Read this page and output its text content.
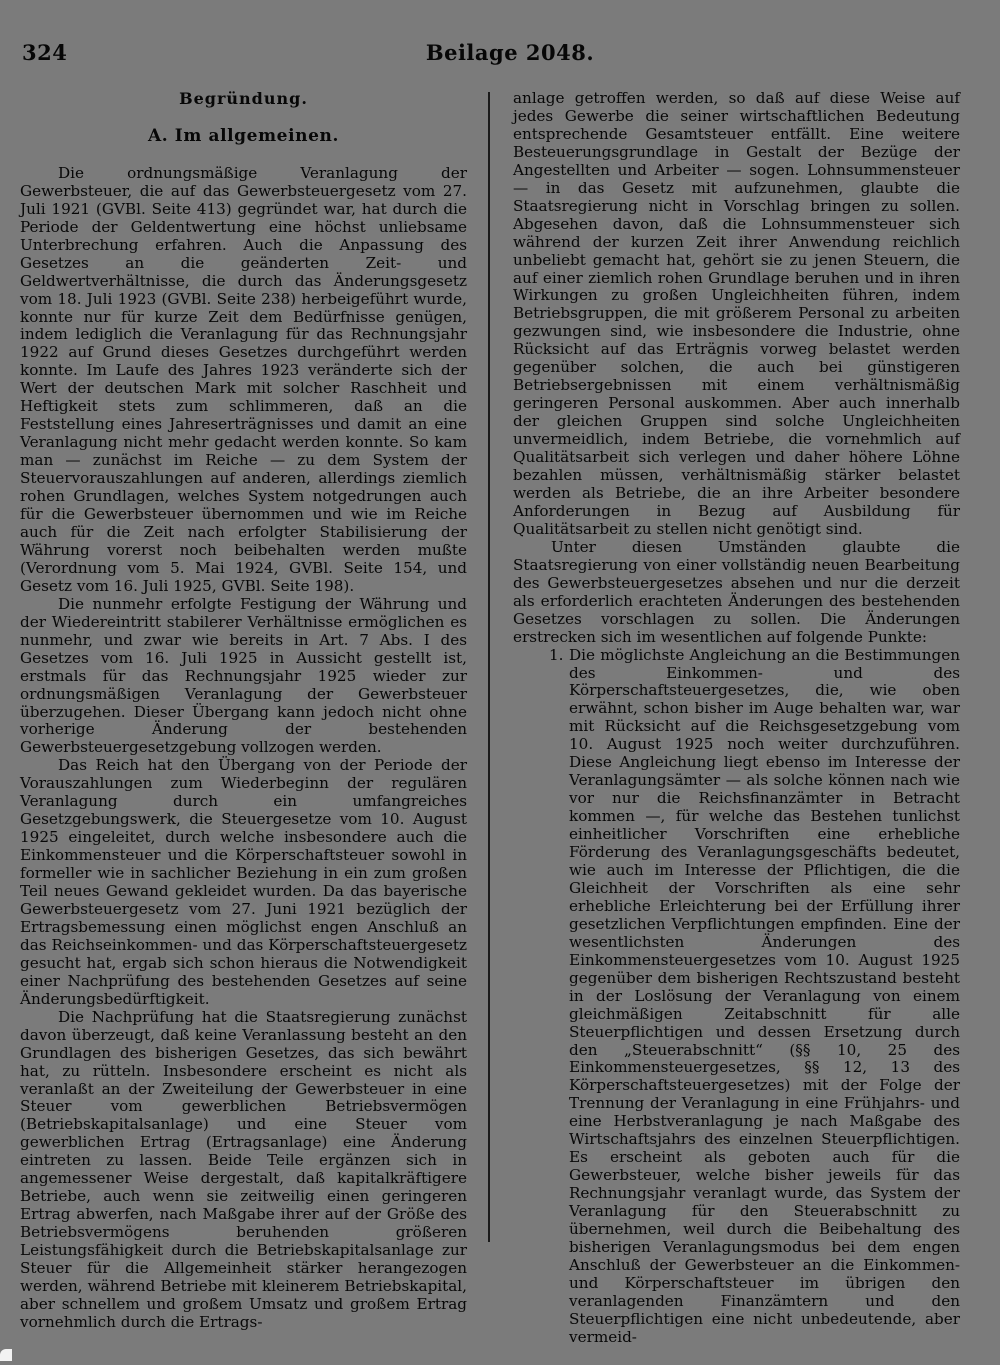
324	Beilage 2048.
Begründung.
A. Im allgemeinen.

Die ordnungsmäßige Veranlagung der Gewerbsteuer, die auf das Gewerbsteuergesetz vom 27. Juli 1921 (GVBl. Seite 413) gegründet war, hat durch die Periode der Geldentwertung eine höchst unliebsame Unterbrechung erfahren. Auch die Anpassung des Gesetzes an die geänderten Zeit- und Geldwertverhältnisse, die durch das Änderungsgesetz vom 18. Juli 1923 (GVBl. Seite 238) herbeigeführt wurde, konnte nur für kurze Zeit dem Bedürfnisse genügen, indem lediglich die Veranlagung für das Rechnungsjahr 1922 auf Grund dieses Gesetzes durchgeführt werden konnte. Im Laufe des Jahres 1923 veränderte sich der Wert der deutschen Mark mit solcher Raschheit und Heftigkeit stets zum schlimmeren, daß an die Feststellung eines Jahreserträgnisses und damit an eine Veranlagung nicht mehr gedacht werden konnte. So kam man — zunächst im Reiche — zu dem System der Steuervorauszahlungen auf anderen, allerdings ziemlich rohen Grundlagen, welches System notgedrungen auch für die Gewerbsteuer übernommen und wie im Reiche auch für die Zeit nach erfolgter Stabilisierung der Währung vorerst noch beibehalten werden mußte (Verordnung vom 5. Mai 1924, GVBl. Seite 154, und Gesetz vom 16. Juli 1925, GVBl. Seite 198).

Die nunmehr erfolgte Festigung der Währung und der Wiedereintritt stabilerer Verhältnisse ermöglichen es nunmehr, und zwar wie bereits in Art. 7 Abs. I des Gesetzes vom 16. Juli 1925 in Aussicht gestellt ist, erstmals für das Rechnungsjahr 1925 wieder zur ordnungsmäßigen Veranlagung der Gewerbsteuer überzugehen. Dieser Übergang kann jedoch nicht ohne vorherige Änderung der bestehenden Gewerbsteuergesetzgebung vollzogen werden.

Das Reich hat den Übergang von der Periode der Vorauszahlungen zum Wiederbeginn der regulären Veranlagung durch ein umfangreiches Gesetzgebungswerk, die Steuergesetze vom 10. August 1925 eingeleitet, durch welche insbesondere auch die Einkommensteuer und die Körperschaftsteuer sowohl in formeller wie in sachlicher Beziehung in ein zum großen Teil neues Gewand gekleidet wurden. Da das bayerische Gewerbsteuergesetz vom 27. Juni 1921 bezüglich der Ertragsbemessung einen möglichst engen Anschluß an das Reichseinkommen- und das Körperschaftsteuergesetz gesucht hat, ergab sich schon hieraus die Notwendigkeit einer Nachprüfung des bestehenden Gesetzes auf seine Änderungsbedürftigkeit.

Die Nachprüfung hat die Staatsregierung zunächst davon überzeugt, daß keine Veranlassung besteht an den Grundlagen des bisherigen Gesetzes, das sich bewährt hat, zu rütteln. Insbesondere erscheint es nicht als veranlaßt an der Zweiteilung der Gewerbsteuer in eine Steuer vom gewerblichen Betriebsvermögen (Betriebskapitalsanlage) und eine Steuer vom gewerblichen Ertrag (Ertragsanlage) eine Änderung eintreten zu lassen. Beide Teile ergänzen sich in angemessener Weise dergestalt, daß kapitalkräftigere Betriebe, auch wenn sie zeitweilig einen geringeren Ertrag abwerfen, nach Maßgabe ihrer auf der Größe des Betriebsvermögens beruhenden größeren Leistungsfähigkeit durch die Betriebskapitalsanlage zur Steuer für die Allgemeinheit stärker herangezogen werden, während Betriebe mit kleinerem Betriebskapital, aber schnellem und großem Umsatz und großem Ertrag vornehmlich durch die Ertrags-

anlage getroffen werden, so daß auf diese Weise auf jedes Gewerbe die seiner wirtschaftlichen Bedeutung entsprechende Gesamtsteuer entfällt. Eine weitere Besteuerungsgrundlage in Gestalt der Bezüge der Angestellten und Arbeiter — sogen. Lohnsummensteuer — in das Gesetz mit aufzunehmen, glaubte die Staatsregierung nicht in Vorschlag bringen zu sollen. Abgesehen davon, daß die Lohnsummensteuer sich während der kurzen Zeit ihrer Anwendung reichlich unbeliebt gemacht hat, gehört sie zu jenen Steuern, die auf einer ziemlich rohen Grundlage beruhen und in ihren Wirkungen zu großen Ungleichheiten führen, indem Betriebsgruppen, die mit größerem Personal zu arbeiten gezwungen sind, wie insbesondere die Industrie, ohne Rücksicht auf das Erträgnis vorweg belastet werden gegenüber solchen, die auch bei günstigeren Betriebsergebnissen mit einem verhältnismäßig geringeren Personal auskommen. Aber auch innerhalb der gleichen Gruppen sind solche Ungleichheiten unvermeidlich, indem Betriebe, die vornehmlich auf Qualitätsarbeit sich verlegen und daher höhere Löhne bezahlen müssen, verhältnismäßig stärker belastet werden als Betriebe, die an ihre Arbeiter besondere Anforderungen in Bezug auf Ausbildung für Qualitätsarbeit zu stellen nicht genötigt sind.

Unter diesen Umständen glaubte die Staatsregierung von einer vollständig neuen Bearbeitung des Gewerbsteuergesetzes absehen und nur die derzeit als erforderlich erachteten Änderungen des bestehenden Gesetzes vorschlagen zu sollen. Die Änderungen erstrecken sich im wesentlichen auf folgende Punkte:

1. Die möglichste Angleichung an die Bestimmungen des Einkommen- und des Körperschaftsteuergesetzes, die, wie oben erwähnt, schon bisher im Auge behalten war, war mit Rücksicht auf die Reichsgesetzgebung vom 10. August 1925 noch weiter durchzuführen. Diese Angleichung liegt ebenso im Interesse der Veranlagungsämter — als solche können nach wie vor nur die Reichsfinanzämter in Betracht kommen —, für welche das Bestehen tunlichst einheitlicher Vorschriften eine erhebliche Förderung des Veranlagungsgeschäfts bedeutet, wie auch im Interesse der Pflichtigen, die die Gleichheit der Vorschriften als eine sehr erhebliche Erleichterung bei der Erfüllung ihrer gesetzlichen Verpflichtungen empfinden. Eine der wesentlichsten Änderungen des Einkommensteuergesetzes vom 10. August 1925 gegenüber dem bisherigen Rechtszustand besteht in der Loslösung der Veranlagung von einem gleichmäßigen Zeitabschnitt für alle Steuerpflichtigen und dessen Ersetzung durch den „Steuerabschnitt“ (§§ 10, 25 des Einkommensteuergesetzes, §§ 12, 13 des Körperschaftsteuergesetzes) mit der Folge der Trennung der Veranlagung in eine Frühjahrs- und eine Herbstveranlagung je nach Maßgabe des Wirtschaftsjahrs des einzelnen Steuerpflichtigen. Es erscheint als geboten auch für die Gewerbsteuer, welche bisher jeweils für das Rechnungsjahr veranlagt wurde, das System der Veranlagung für den Steuerabschnitt zu übernehmen, weil durch die Beibehaltung des bisherigen Veranlagungsmodus bei dem engen Anschluß der Gewerbsteuer an die Einkommen- und Körperschaftsteuer im übrigen den veranlagenden Finanzämtern und den Steuerpflichtigen eine nicht unbedeutende, aber vermeid-
